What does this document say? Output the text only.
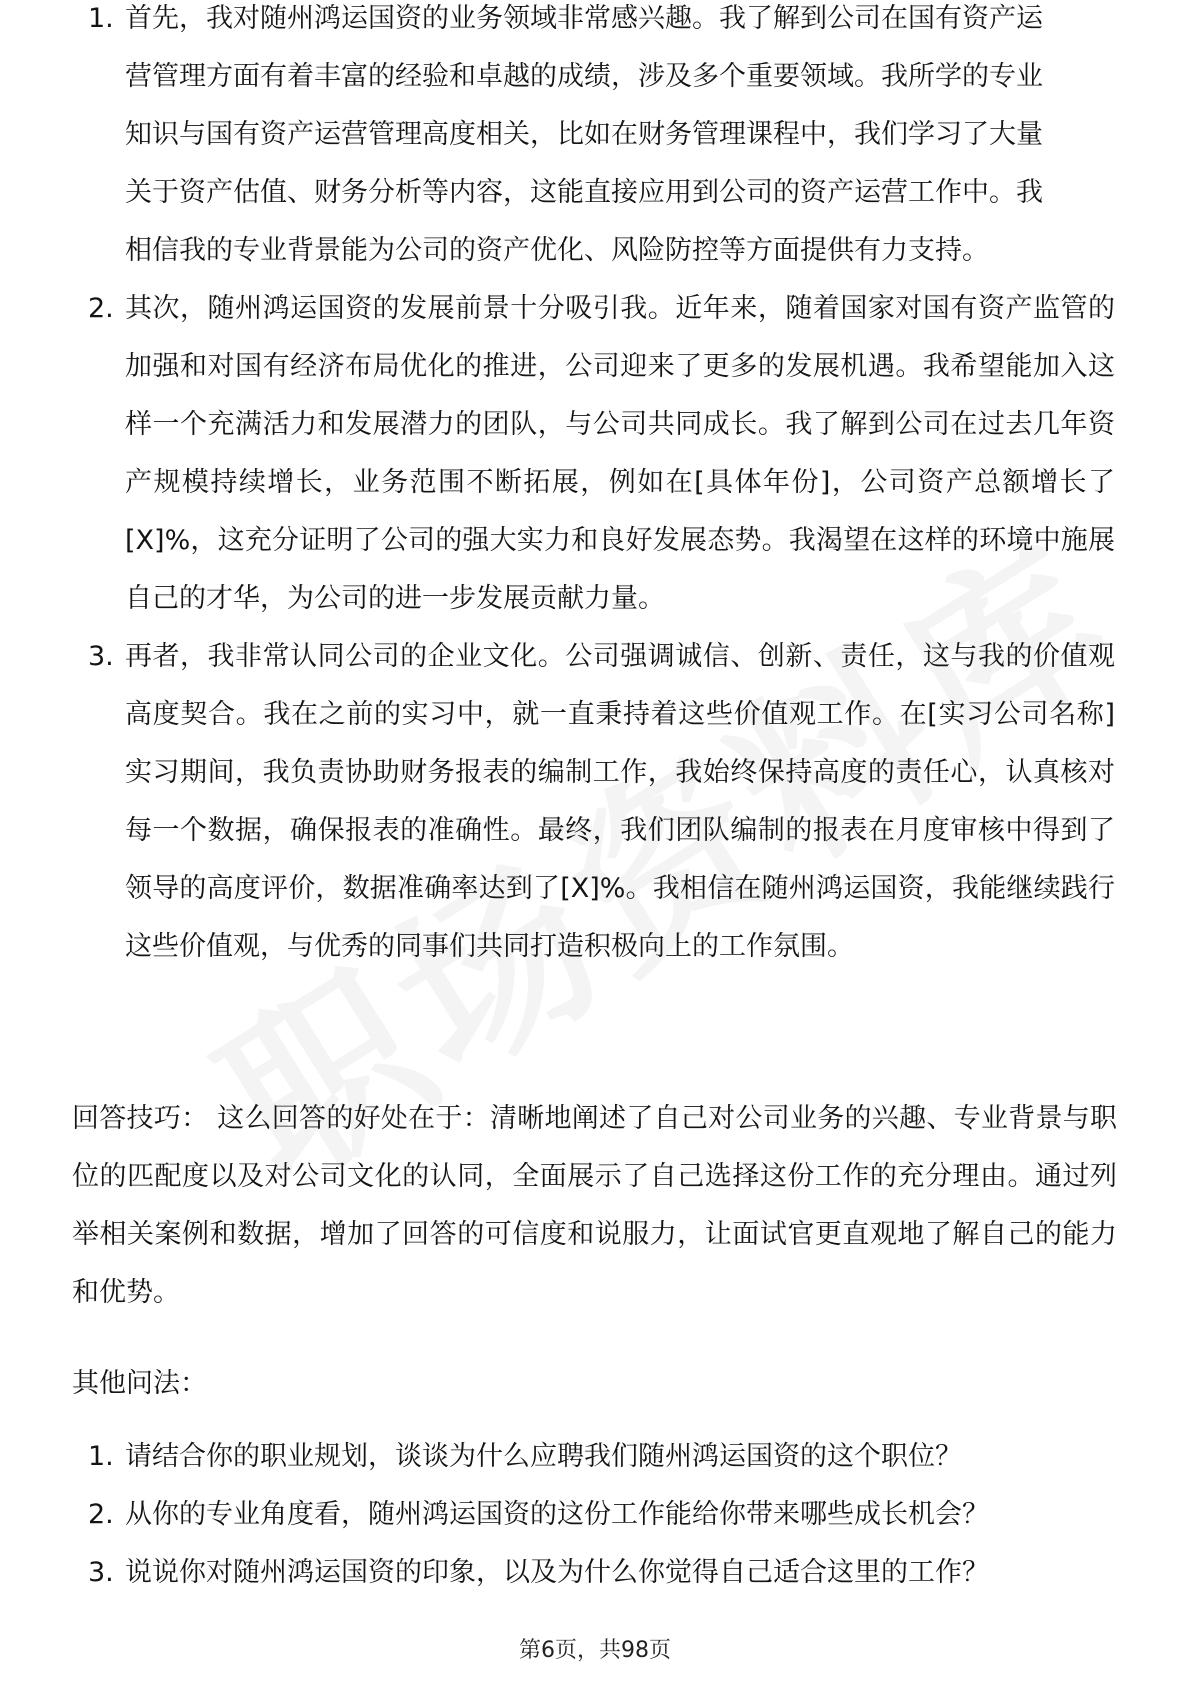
1. 首先，我对随州鸿运国资的业务领域非常感兴趣。我了解到公司在国有资产运
营管理方面有着丰富的经验和卓越的成绩，涉及多个重要领域。我所学的专业
知识与国有资产运营管理高度相关，比如在财务管理课程中，我们学习了大量
关于资产估值、财务分析等内容，这能直接应用到公司的资产运营工作中。我
相信我的专业背景能为公司的资产优化、风险防控等方面提供有力支持。
2. 其次，随州鸿运国资的发展前景十分吸引我。近年来，随着国家对国有资产监管的加强和对国有经济布局优化的推进，公司迎来了更多的发展机遇。我希望能加入这样一个充满活力和发展潜力的团队，与公司共同成长。我了解到公司在过去几年资产规模持续增长，业务范围不断拓展，例如在[具体年份]，公司资产总额增长了[X]%，这充分证明了公司的强大实力和良好发展态势。我渴望在这样的环境中施展自己的才华，为公司的进一步发展贡献力量。
3. 再者，我非常认同公司的企业文化。公司强调诚信、创新、责任，这与我的价值观高度契合。我在之前的实习中，就一直秉持着这些价值观工作。在[实习公司名称]实习期间，我负责协助财务报表的编制工作，我始终保持高度的责任心，认真核对每一个数据，确保报表的准确性。最终，我们团队编制的报表在月度审核中得到了领导的高度评价，数据准确率达到了[X]%。我相信在随州鸿运国资，我能继续践行这些价值观，与优秀的同事们共同打造积极向上的工作氛围。
回答技巧： 这么回答的好处在于：清晰地阐述了自己对公司业务的兴趣、专业背景与职位的匹配度以及对公司文化的认同，全面展示了自己选择这份工作的充分理由。通过列举相关案例和数据，增加了回答的可信度和说服力，让面试官更直观地了解自己的能力和优势。
其他问法：
1. 请结合你的职业规划，谈谈为什么应聘我们随州鸿运国资的这个职位？
2. 从你的专业角度看，随州鸿运国资的这份工作能给你带来哪些成长机会？
3. 说说你对随州鸿运国资的印象，以及为什么你觉得自己适合这里的工作？
第6页，共98页
